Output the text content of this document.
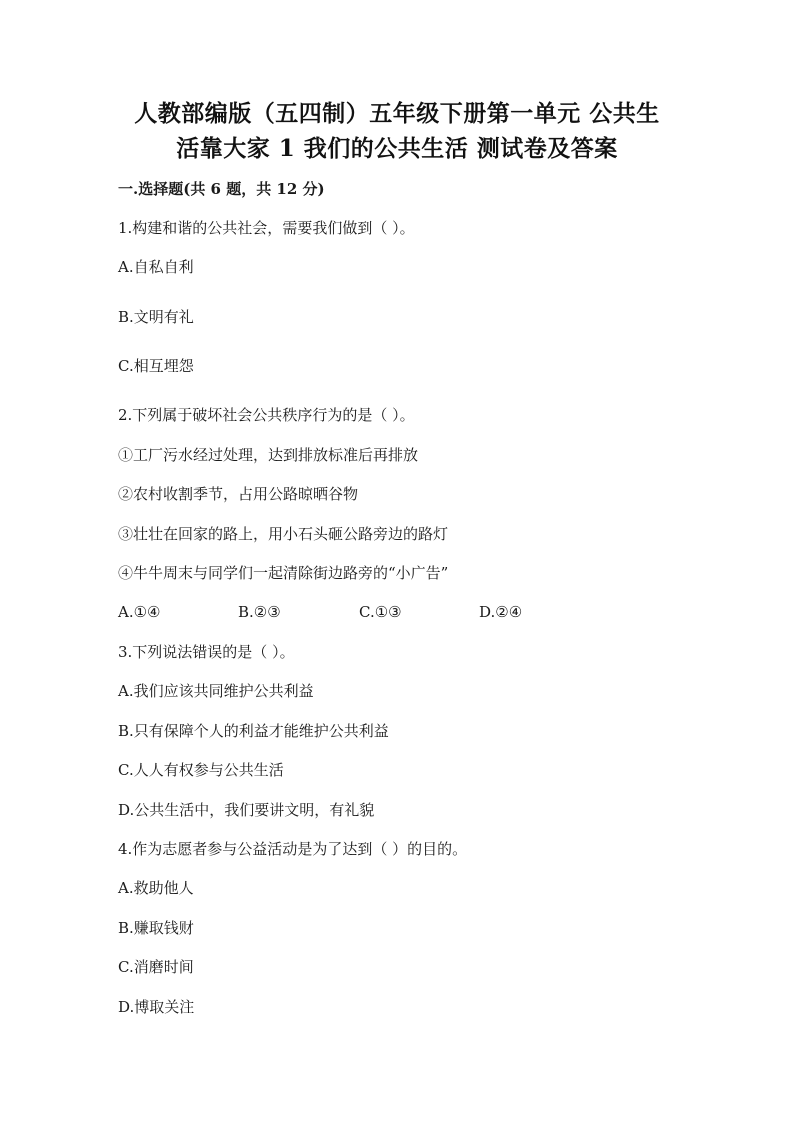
人教部编版（五四制）五年级下册第一单元 公共生
活靠大家 1 我们的公共生活 测试卷及答案
一.选择题(共 6 题，共 12 分)
1.构建和谐的公共社会，需要我们做到（ ）。
A.自私自利
B.文明有礼
C.相互埋怨
2.下列属于破坏社会公共秩序行为的是（ ）。
①工厂污水经过处理，达到排放标准后再排放
②农村收割季节，占用公路晾晒谷物
③壮壮在回家的路上，用小石头砸公路旁边的路灯
④牛牛周末与同学们一起清除街边路旁的“小广告”
A.①④	B.②③	C.①③	D.②④
3.下列说法错误的是（ ）。
A.我们应该共同维护公共利益
B.只有保障个人的利益才能维护公共利益
C.人人有权参与公共生活
D.公共生活中，我们要讲文明，有礼貌
4.作为志愿者参与公益活动是为了达到（ ）的目的。
A.救助他人
B.赚取钱财
C.消磨时间
D.博取关注
